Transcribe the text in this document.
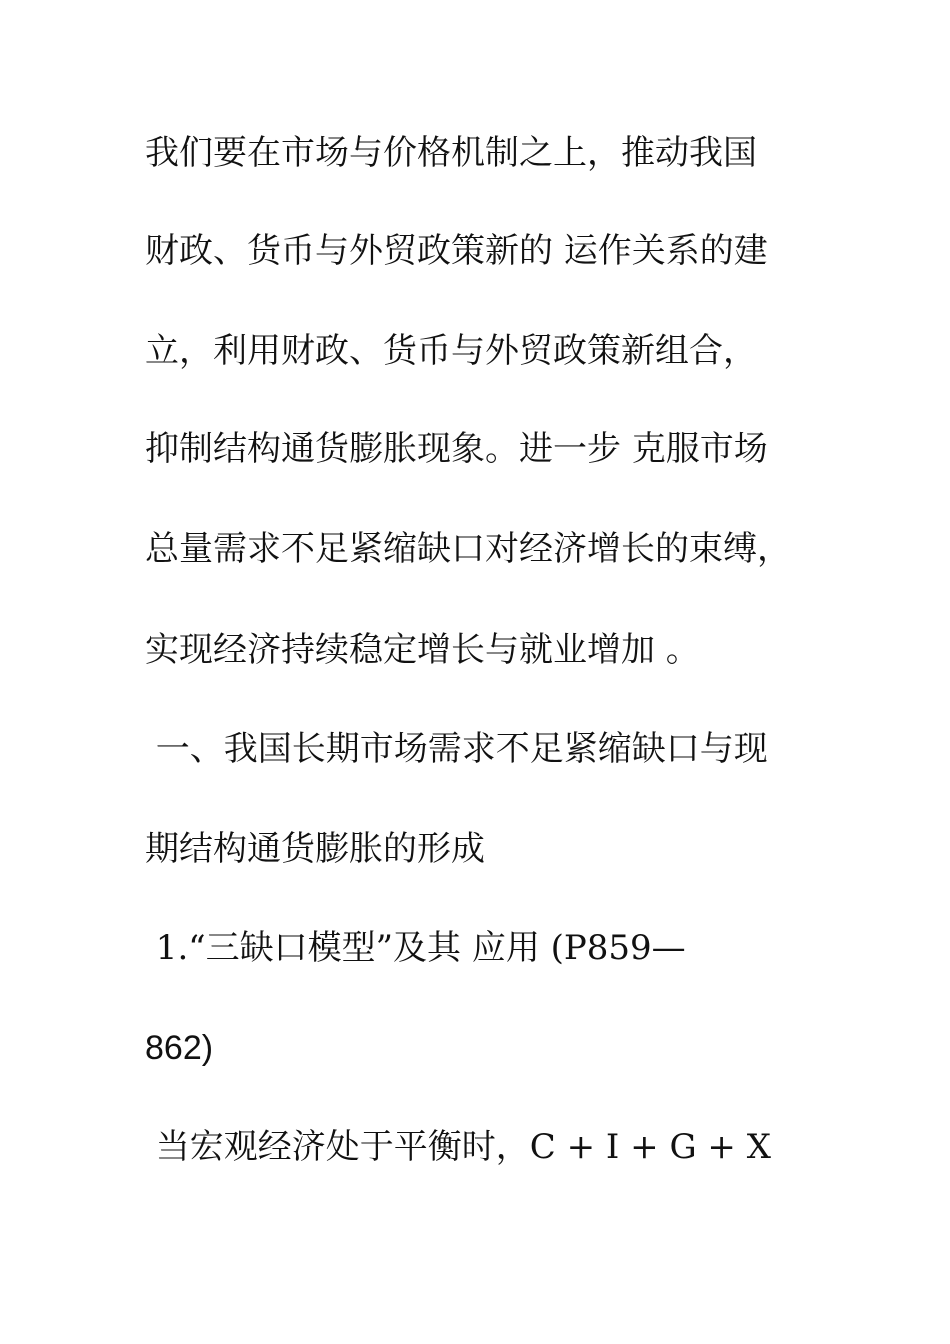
我们要在市场与价格机制之上，推动我国
财政、货币与外贸政策新的 运作关系的建
立，利用财政、货币与外贸政策新组合，
抑制结构通货膨胀现象。进一步 克服市场
总量需求不足紧缩缺口对经济增长的束缚，
实现经济持续稳定增长与就业增加 。
一、我国长期市场需求不足紧缩缺口与现
期结构通货膨胀的形成
1.“三缺口模型”及其 应用 (P859—
862)
当宏观经济处于平衡时，C + I + G + X
